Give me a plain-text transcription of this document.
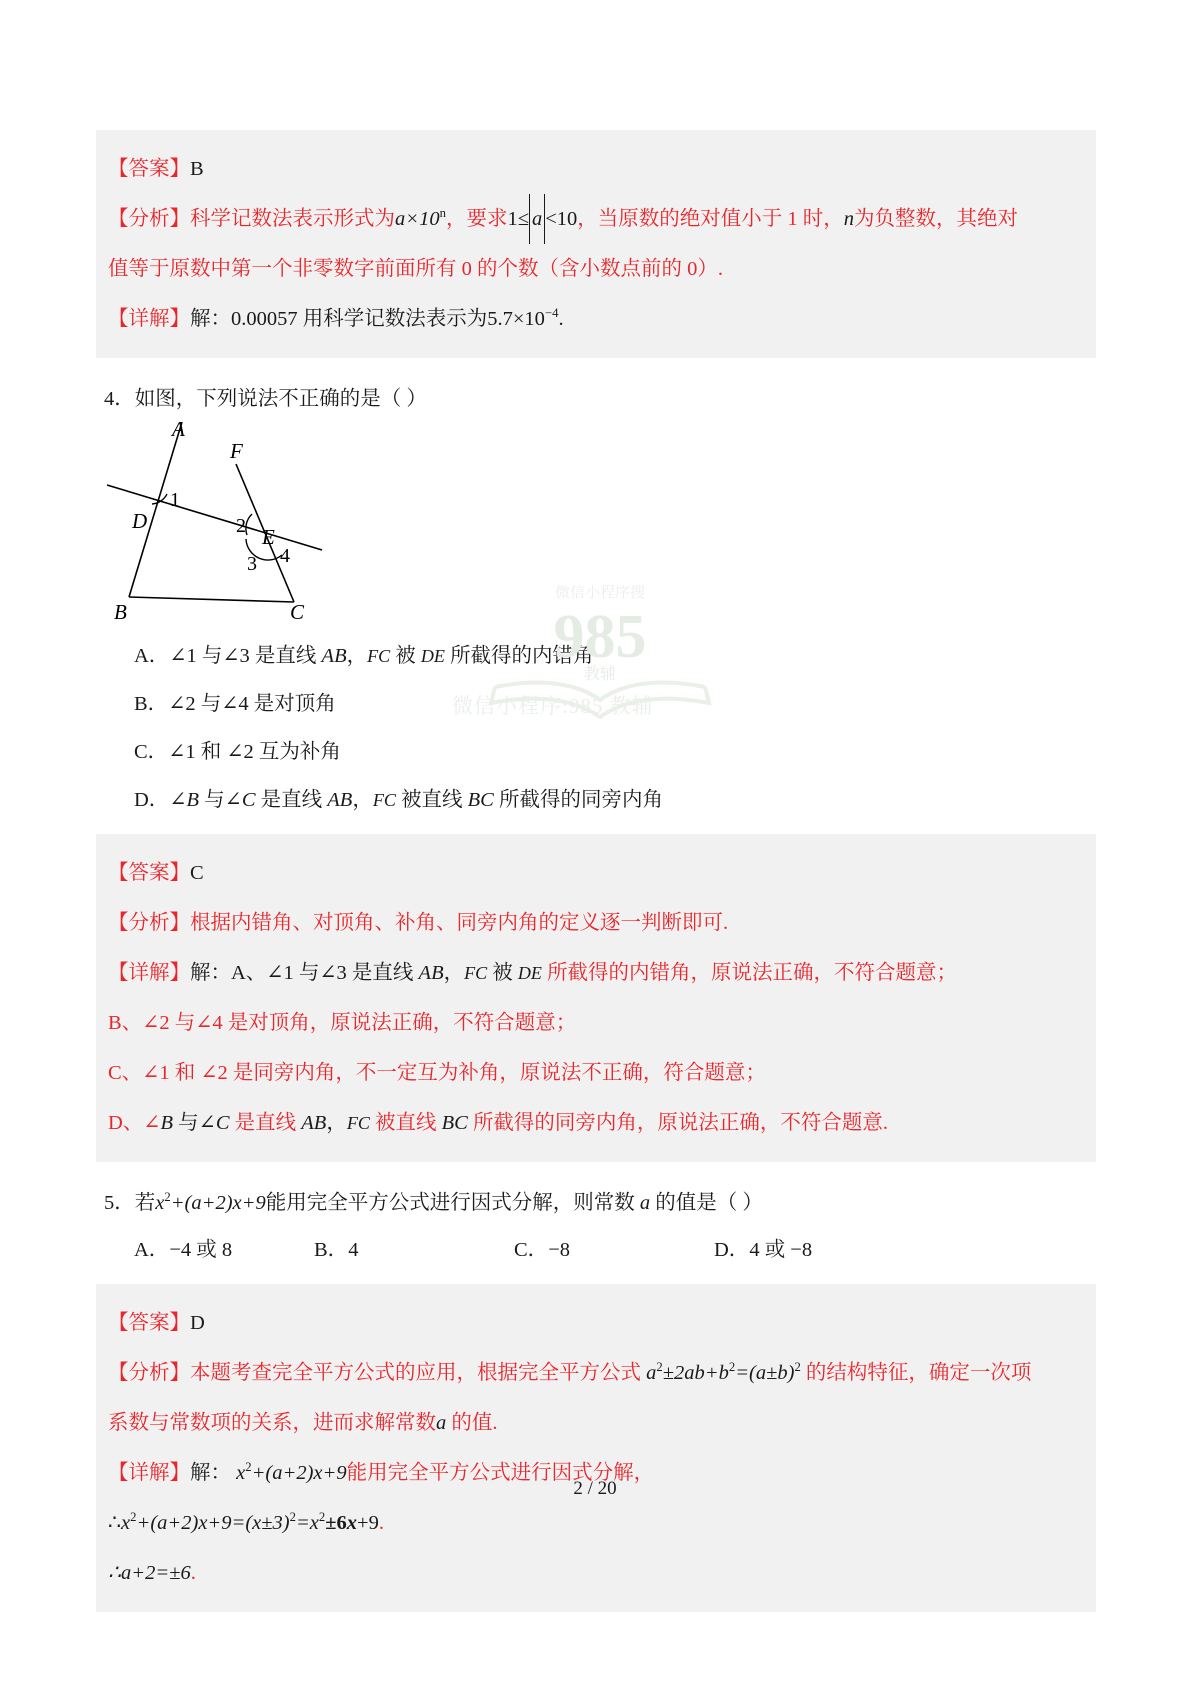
【答案】B
【分析】科学记数法表示形式为$a\times 10^n$，要求1≤ a <10，当原数的绝对值小于 1 时，n为负整数，其绝对
值等于原数中第一个非零数字前面所有 0 的个数（含小数点前的 0）.
【详解】解：0.00057 用科学记数法表示为$5.7\times 10^{-4}$.
4．如图，下列说法不正确的是（ ）
A
F
1
D	2 E
3 4
B	C
A．∠1 与∠3 是直线 AB，FC 被 DE 所截得的内错角
B．∠2 与∠4 是对顶角
C．∠1 和 ∠2 互为补角
D．∠B 与∠C 是直线 AB，FC 被直线 BC 所截得的同旁内角
【答案】C
【分析】根据内错角、对顶角、补角、同旁内角的定义逐一判断即可.
【详解】解：A、∠1 与∠3 是直线 AB，FC 被 DE 所截得的内错角，原说法正确，不符合题意；
B、∠2 与∠4 是对顶角，原说法正确，不符合题意；
C、∠1 和 ∠2 是同旁内角，不一定互为补角，原说法不正确，符合题意；
D、∠B 与∠C 是直线 AB，FC 被直线 BC 所截得的同旁内角，原说法正确，不符合题意.
5．若$x^2+(a+2)x+9$能用完全平方公式进行因式分解，则常数 a 的值是（ ）
A．−4 或 8	B．4	C．−8	D．4 或 −8
【答案】D
【分析】本题考查完全平方公式的应用，根据完全平方公式 $a^2\pm 2ab+b^2=(a\pm b)^2$ 的结构特征，确定一次项
系数与常数项的关系，进而求解常数a 的值.
【详解】解： $x^2+(a+2)x+9$能用完全平方公式进行因式分解，
$\therefore x^2+(a+2)x+9=(x\pm 3)^2=x^2\pm 6x+9$.
∴a+2=±6.
微信小程序搜
985
教辅
微信小程序:985 教辅
2 / 20
